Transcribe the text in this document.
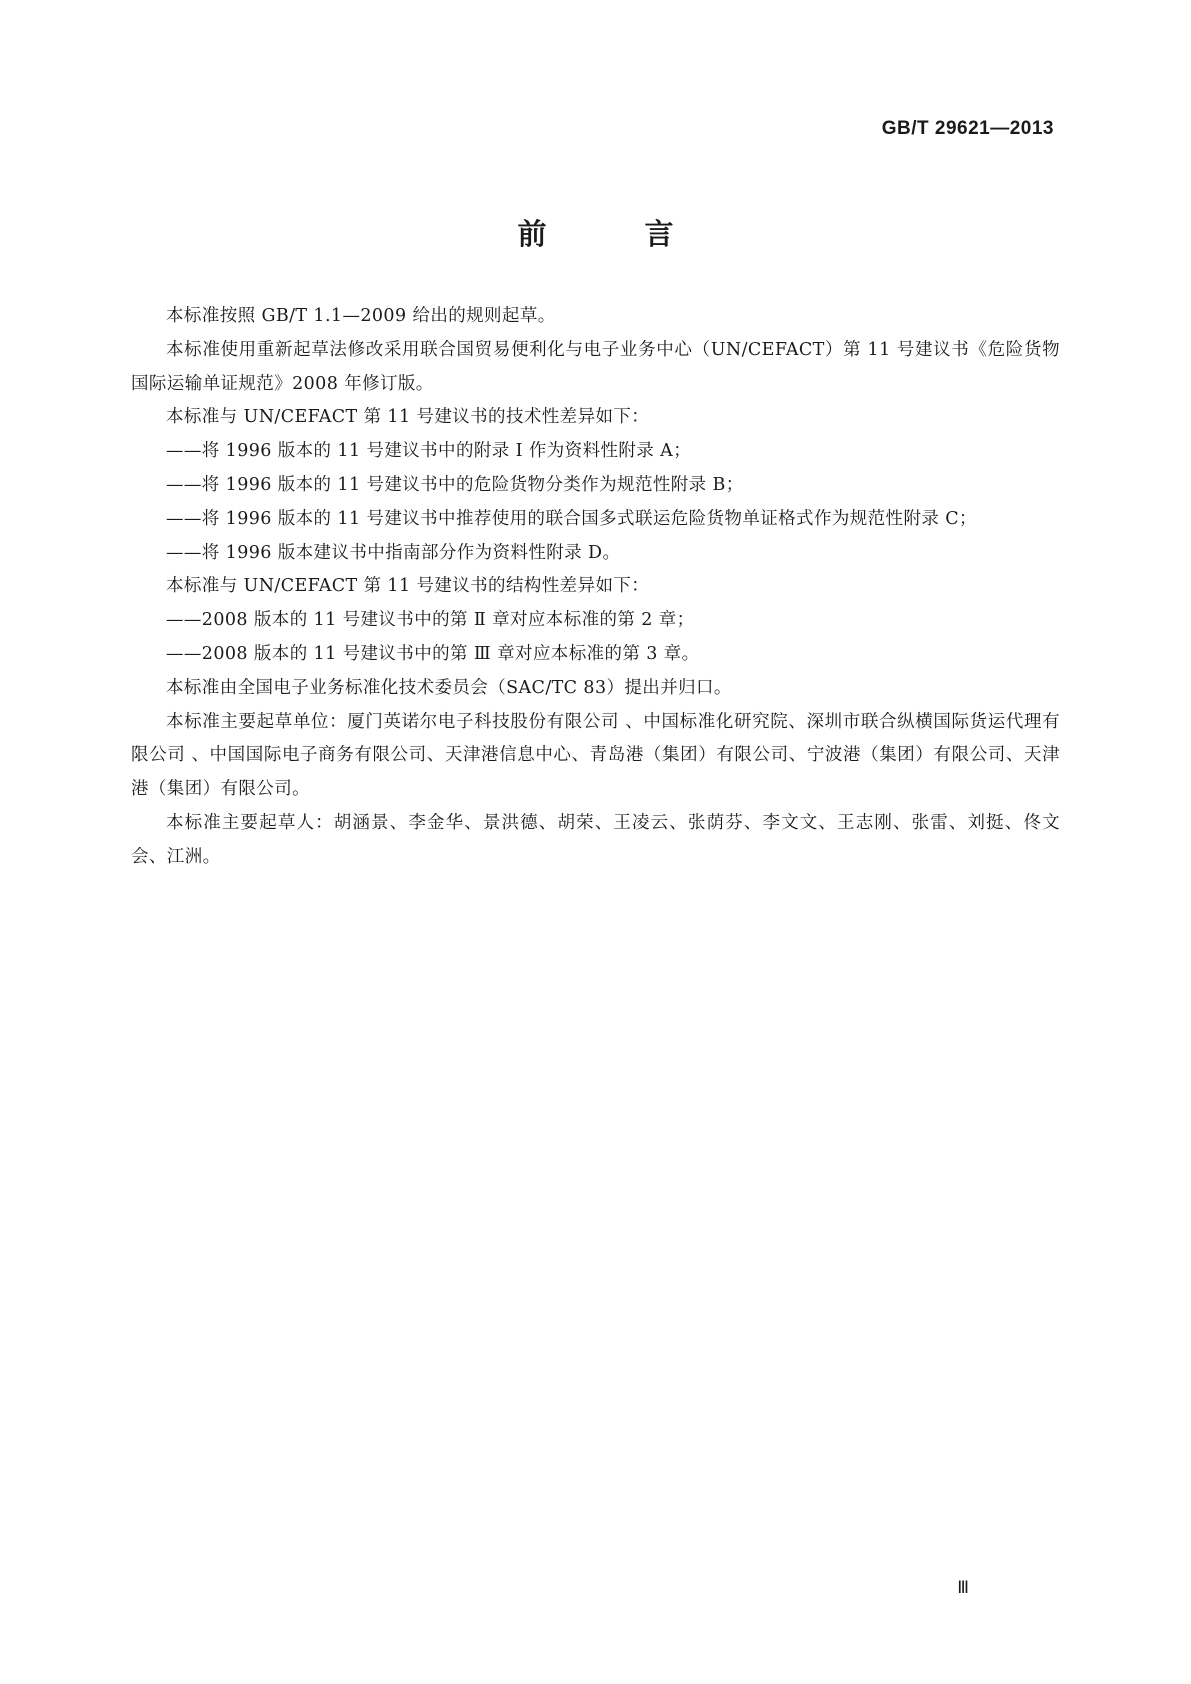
GB/T 29621—2013
前 言

本标准按照 GB/T 1.1—2009 给出的规则起草。

本标准使用重新起草法修改采用联合国贸易便利化与电子业务中心（UN/CEFACT）第 11 号建议书《危险货物国际运输单证规范》2008 年修订版。

本标准与 UN/CEFACT 第 11 号建议书的技术性差异如下：

——将 1996 版本的 11 号建议书中的附录 I 作为资料性附录 A；

——将 1996 版本的 11 号建议书中的危险货物分类作为规范性附录 B；

——将 1996 版本的 11 号建议书中推荐使用的联合国多式联运危险货物单证格式作为规范性附录 C；

——将 1996 版本建议书中指南部分作为资料性附录 D。

本标准与 UN/CEFACT 第 11 号建议书的结构性差异如下：

——2008 版本的 11 号建议书中的第 Ⅱ 章对应本标准的第 2 章；

——2008 版本的 11 号建议书中的第 Ⅲ 章对应本标准的第 3 章。

本标准由全国电子业务标准化技术委员会（SAC/TC 83）提出并归口。

本标准主要起草单位：厦门英诺尔电子科技股份有限公司 、中国标准化研究院、深圳市联合纵横国际货运代理有限公司 、中国国际电子商务有限公司、天津港信息中心、青岛港（集团）有限公司、宁波港（集团）有限公司、天津港（集团）有限公司。

本标准主要起草人：胡涵景、李金华、景洪德、胡荣、王凌云、张荫芬、李文文、王志刚、张雷、刘挺、佟文会、江洲。

Ⅲ
